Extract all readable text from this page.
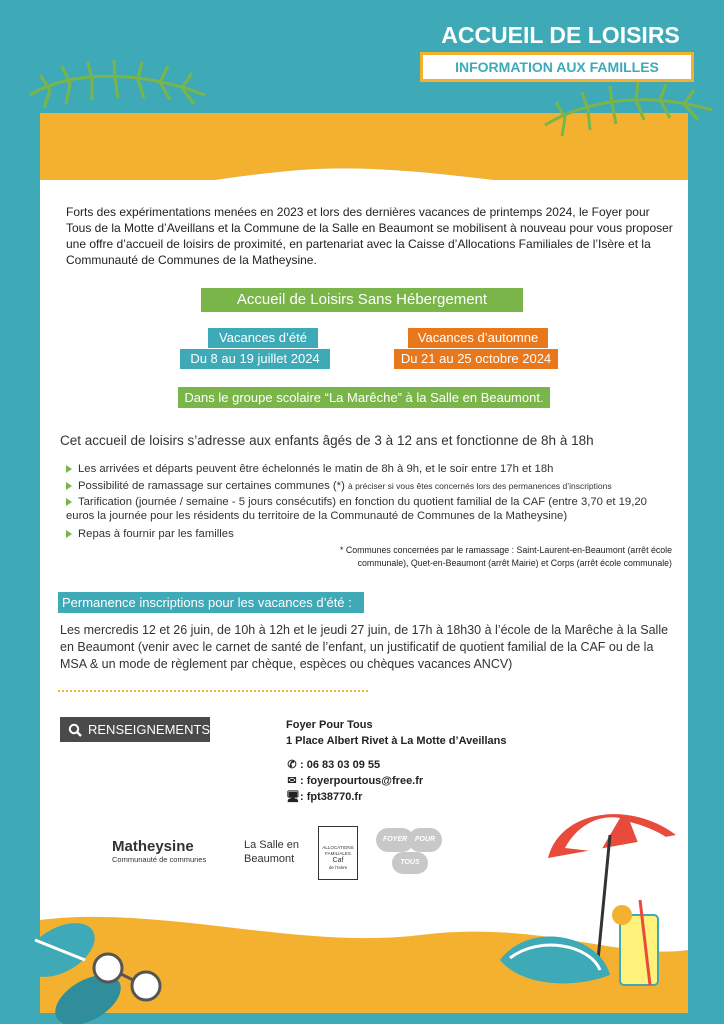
ACCUEIL DE LOISIRS
INFORMATION AUX FAMILLES
Forts des expérimentations menées en 2023 et lors des dernières vacances de printemps 2024, le Foyer pour Tous de la Motte d’Aveillans et la Commune de la Salle en Beaumont se mobilisent à nouveau pour vous proposer une offre d’accueil de loisirs de proximité, en partenariat avec la Caisse d’Allocations Familiales de l’Isère et la Communauté de Communes de la Matheysine.
Accueil de Loisirs Sans Hébergement
Vacances d’été
Du 8 au 19 juillet 2024
Vacances d’automne
Du 21 au 25 octobre 2024
Dans le groupe scolaire “La Marêche” à la Salle en Beaumont.
Cet accueil de loisirs s’adresse aux enfants âgés de 3 à 12 ans et fonctionne de 8h à 18h
Les arrivées et départs peuvent être échelonnés le matin de 8h à 9h, et le soir entre 17h et 18h
Possibilité de ramassage sur certaines communes (*) à préciser si vous êtes concernés lors des permanences d’inscriptions
Tarification (journée / semaine - 5 jours consécutifs) en fonction du quotient familial de la CAF (entre 3,70 et 19,20 euros la journée pour les résidents du territoire de la Communauté de Communes de la Matheysine)
Repas à fournir par les familles
* Communes concernées par le ramassage : Saint-Laurent-en-Beaumont (arrêt école
communale), Quet-en-Beaumont (arrêt Mairie) et Corps (arrêt école communale)
Permanence inscriptions pour les vacances d’été :
Les mercredis 12 et 26 juin, de 10h à 12h et le jeudi 27 juin, de 17h à 18h30 à l’école de la Marêche à la Salle en Beaumont (venir avec le carnet de santé de l’enfant, un justificatif de quotient familial de la CAF ou de la MSA & un mode de règlement par chèque, espèces ou chèques vacances ANCV)
RENSEIGNEMENTS	Foyer Pour Tous
1 Place Albert Rivet à La Motte d’Aveillans
✆ : 06 83 03 09 55
✉ : foyerpourtous@free.fr
🖥: fpt38770.fr
Matheysine
Communauté de communes
La Salle en
Beaumont
ALLOCATIONS
FAMILIALES
Caf
de l’Isère
FOYER	POUR
TOUS
